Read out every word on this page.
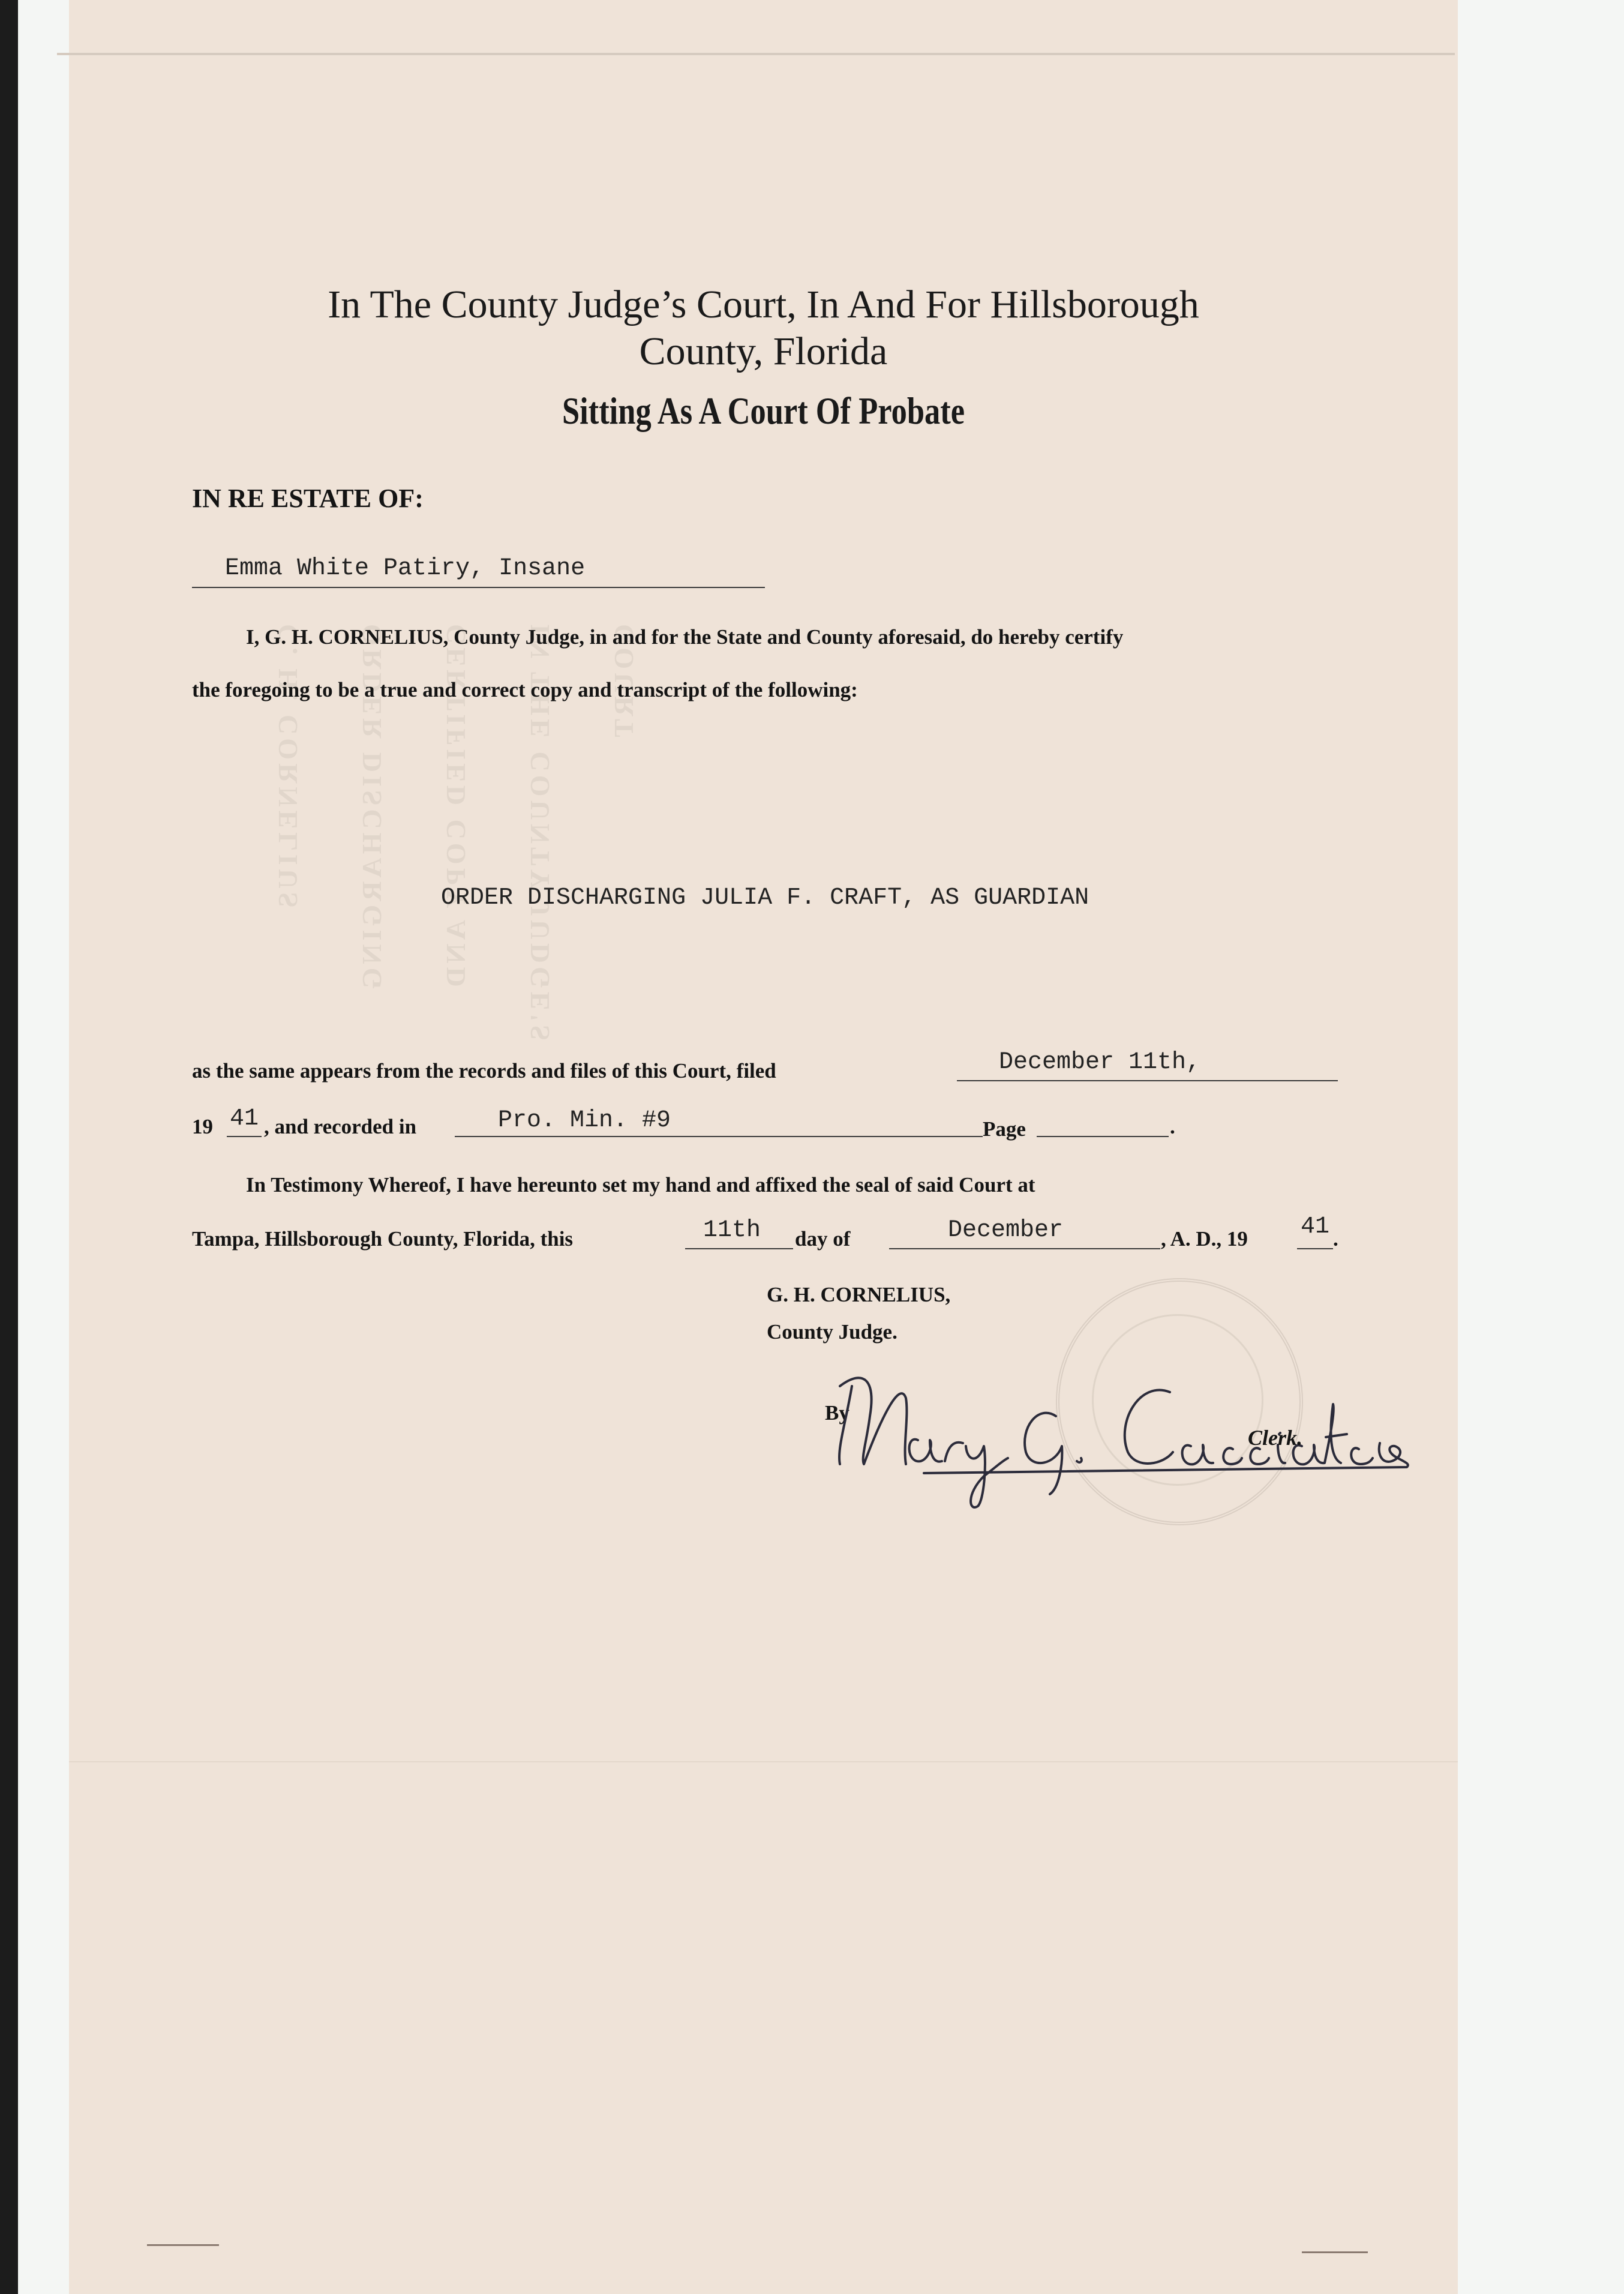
C. H. CORNELIUS	ORDER DISCHARGING	CERTIFIED COPY AND	IN THE COUNTY JUDGE'S COURT
In The County Judge’s Court, In And For Hillsborough
County, Florida
Sitting As A Court Of Probate
IN RE ESTATE OF:
Emma White Patiry, Insane
I, G. H. CORNELIUS, County Judge, in and for the State and County aforesaid, do hereby certify
the foregoing to be a true and correct copy and transcript of the following:
ORDER DISCHARGING JULIA F. CRAFT, AS GUARDIAN
as the same appears from the records and files of this Court, filed	December 11th,
19 41 , and recorded in	Pro. Min. #9	Page	.
In Testimony Whereof, I have hereunto set my hand and affixed the seal of said Court at
Tampa, Hillsborough County, Florida, this	11th day of	December	, A. D., 19 41 .
G. H. CORNELIUS,
County Judge.
By
Clerk.
